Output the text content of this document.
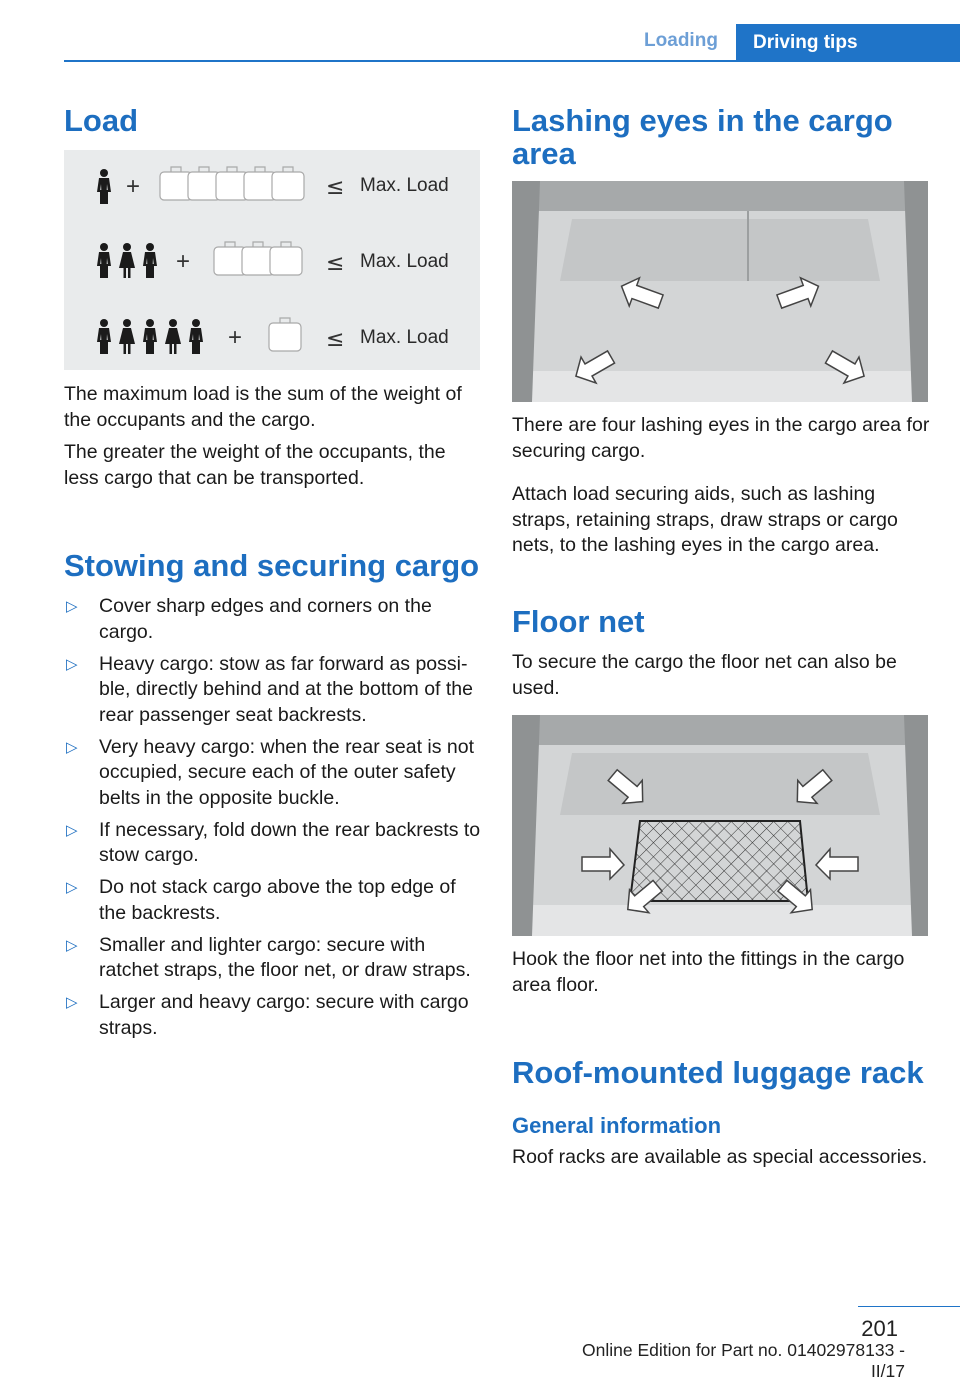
Loading	Driving tips
Load
+	≤ Max. Load
+	≤ Max. Load
+	≤ Max. Load

The maximum load is the sum of the weight of the occupants and the cargo.

The greater the weight of the occupants, the less cargo that can be transported.

Stowing and securing cargo
▷ Cover sharp edges and corners on the cargo.
▷ Heavy cargo: stow as far forward as possi‐ble, directly behind and at the bottom of the rear passenger seat backrests.
▷ Very heavy cargo: when the rear seat is not occupied, secure each of the outer safety belts in the opposite buckle.
▷ If necessary, fold down the rear backrests to stow cargo.
▷ Do not stack cargo above the top edge of the backrests.
▷ Smaller and lighter cargo: secure with ratchet straps, the floor net, or draw straps.
▷ Larger and heavy cargo: secure with cargo straps.
Lashing eyes in the cargo area

There are four lashing eyes in the cargo area for securing cargo.

Attach load securing aids, such as lashing straps, retaining straps, draw straps or cargo nets, to the lashing eyes in the cargo area.

Floor net

To secure the cargo the floor net can also be used.

Hook the floor net into the fittings in the cargo area floor.

Roof-mounted luggage rack
General information

Roof racks are available as special accessories.

201
Online Edition for Part no. 01402978133 - II/17
